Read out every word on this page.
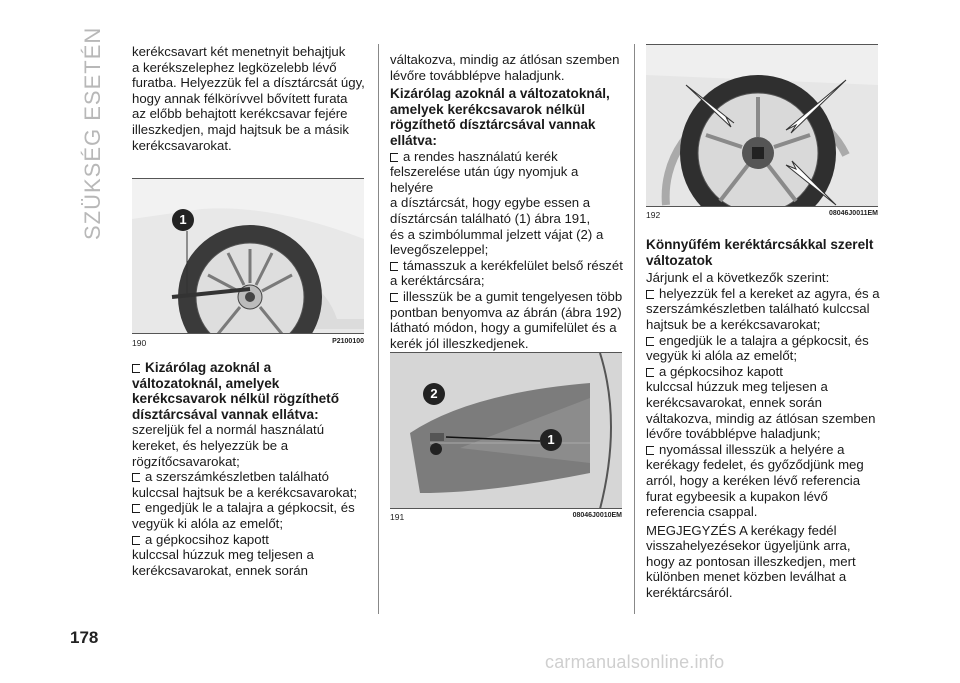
SZÜKSÉG ESETÉN kerékcsavart két menetnyit behajtjuk

a kerékszelephez legközelebb lévő

furatba. Helyezzük fel a dísztárcsát úgy,

hogy annak félkörívvel bővített furata

az előbb behajtott kerékcsavar fejére

illeszkedjen, majd hajtsuk be a másik

kerékcsavarokat.

1
190	P2100100
Kizárólag azoknál a
változatoknál, amelyek
kerékcsavarok nélkül rögzíthető
dísztárcsával vannak ellátva:

szereljük fel a normál használatú

kereket, és helyezzük be a

rögzítőcsavarokat;

a szerszámkészletben található

kulccsal hajtsuk be a kerékcsavarokat;

engedjük le a talajra a gépkocsit, és

vegyük ki alóla az emelőt;

a gépkocsihoz kapott

kulccsal húzzuk meg teljesen a

kerékcsavarokat, ennek során

váltakozva, mindig az átlósan szemben

lévőre továbblépve haladjunk.

Kizárólag azoknál a változatoknál,
amelyek kerékcsavarok nélkül
rögzíthető dísztárcsával vannak
ellátva:

a rendes használatú kerék

felszerelése után úgy nyomjuk a helyére

a dísztárcsát, hogy egybe essen a

dísztárcsán található (1) ábra 191,

és a szimbólummal jelzett vájat (2) a

levegőszeleppel;

támasszuk a kerékfelület belső részét

a keréktárcsára;

illesszük be a gumit tengelyesen több

pontban benyomva az ábrán (ábra 192)

látható módon, hogy a gumifelület és a

kerék jól illeszkedjenek.

2
1
191	08046J0010EM
192	08046J0011EM
Könnyűfém keréktárcsákkal szerelt
változatok

Járjunk el a következők szerint:

helyezzük fel a kereket az agyra, és a

szerszámkészletben található kulccsal

hajtsuk be a kerékcsavarokat;

engedjük le a talajra a gépkocsit, és

vegyük ki alóla az emelőt;

a gépkocsihoz kapott

kulccsal húzzuk meg teljesen a

kerékcsavarokat, ennek során

váltakozva, mindig az átlósan szemben

lévőre továbblépve haladjunk;

nyomással illesszük a helyére a

kerékagy fedelet, és győződjünk meg

arról, hogy a keréken lévő referencia

furat egybeesik a kupakon lévő

referencia csappal.

MEGJEGYZÉS A kerékagy fedél

visszahelyezésekor ügyeljünk arra,

hogy az pontosan illeszkedjen, mert

különben menet közben leválhat a

keréktárcsáról.

178
carmanualsonline.info
